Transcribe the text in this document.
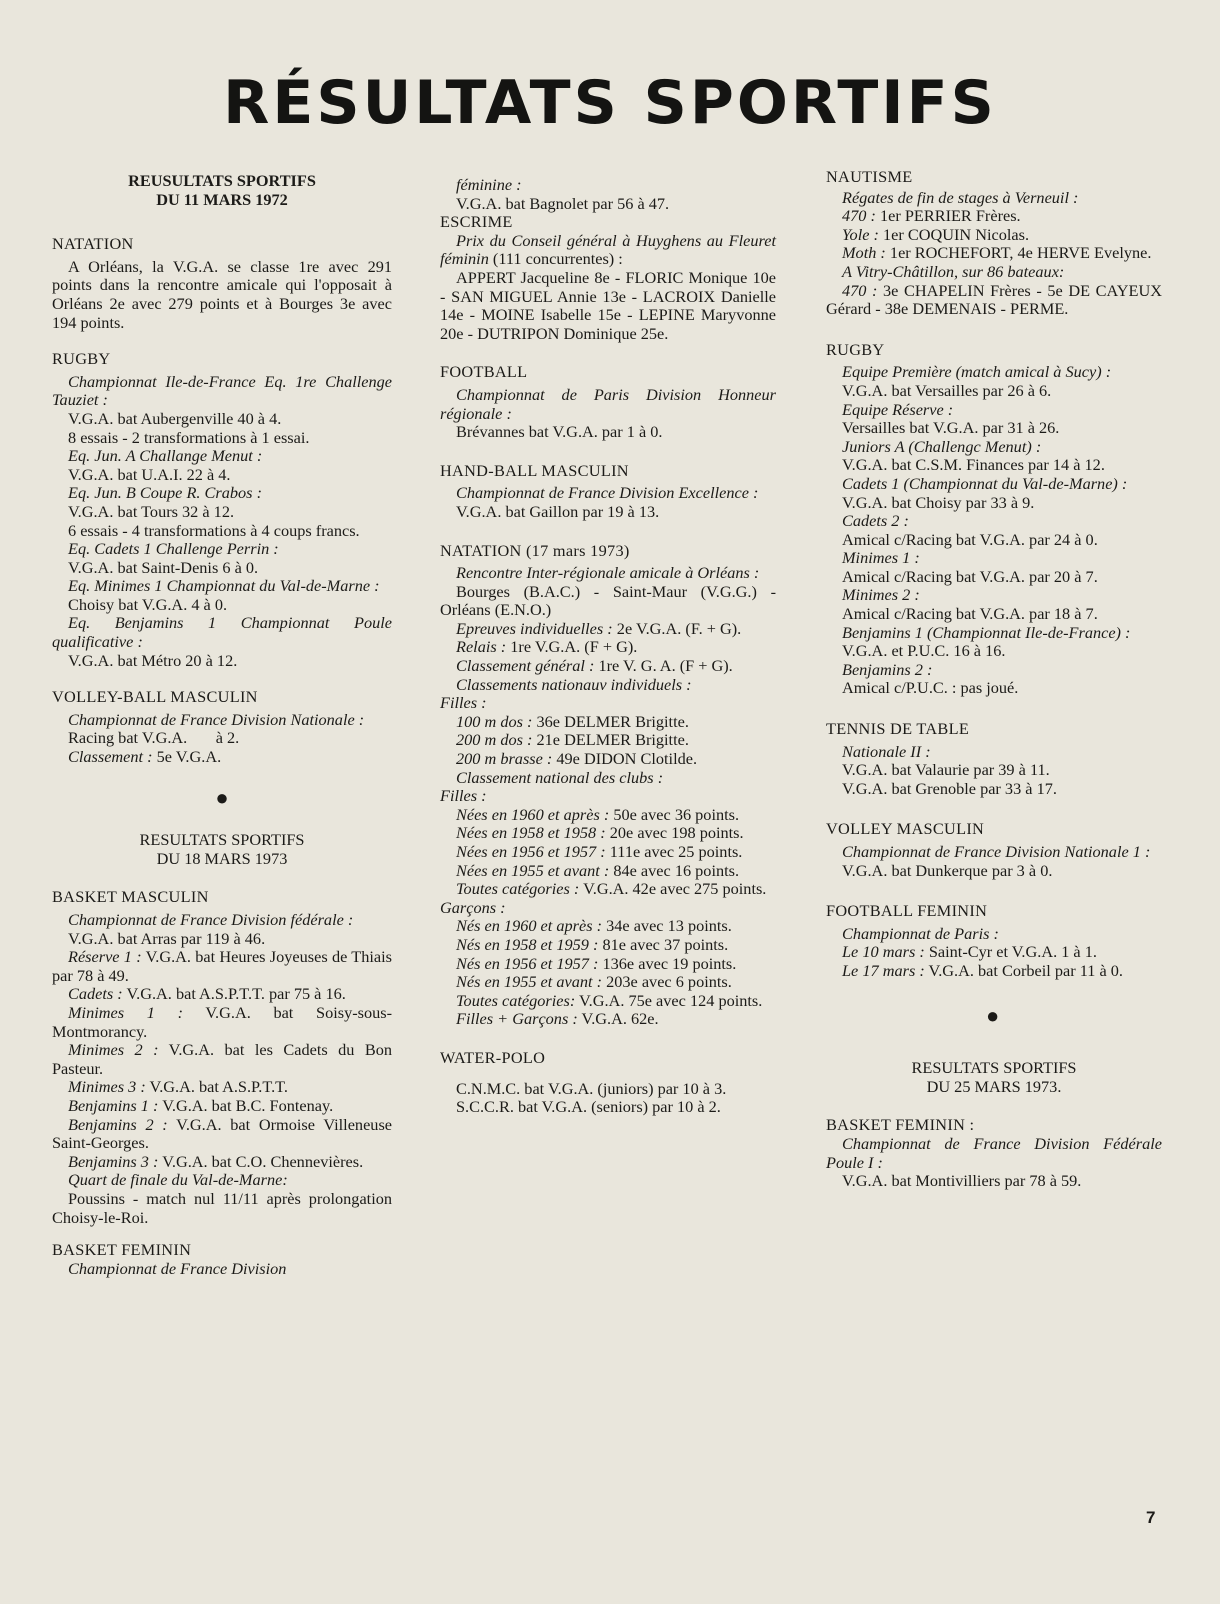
RÉSULTATS SPORTIFS
REUSULTATS SPORTIFS
DU 11 MARS 1972
NATATION
A Orléans, la V.G.A. se classe 1re avec 291 points dans la rencontre amicale qui l'opposait à Orléans 2e avec 279 points et à Bourges 3e avec 194 points.
RUGBY
Championnat Ile-de-France Eq. 1re Challenge Tauziet :
V.G.A. bat Aubergenville 40 à 4.
8 essais - 2 transformations à 1 essai.
Eq. Jun. A Challange Menut :
V.G.A. bat U.A.I. 22 à 4.
Eq. Jun. B Coupe R. Crabos :
V.G.A. bat Tours 32 à 12.
6 essais - 4 transformations à 4 coups francs.
Eq. Cadets 1 Challenge Perrin :
V.G.A. bat Saint-Denis 6 à 0.
Eq. Minimes 1 Championnat du Val-de-Marne :
Choisy bat V.G.A. 4 à 0.
Eq. Benjamins 1 Championnat Poule qualificative :
V.G.A. bat Métro 20 à 12.
VOLLEY-BALL MASCULIN
Championnat de France Division Nationale :
Racing bat V.G.A.       à 2.
Classement : 5e V.G.A.
●
RESULTATS SPORTIFS
DU 18 MARS 1973
BASKET MASCULIN
Championnat de France Division fédérale :
V.G.A. bat Arras par 119 à 46.
Réserve 1 : V.G.A. bat Heures Joyeuses de Thiais par 78 à 49.
Cadets : V.G.A. bat A.S.P.T.T. par 75 à 16.
Minimes 1 : V.G.A. bat Soisy-sous-Montmorancy.
Minimes 2 : V.G.A. bat les Cadets du Bon Pasteur.
Minimes 3 : V.G.A. bat A.S.P.T.T.
Benjamins 1 : V.G.A. bat B.C. Fontenay.
Benjamins 2 : V.G.A. bat Ormoise Villeneuse Saint-Georges.
Benjamins 3 : V.G.A. bat C.O. Chennevières.
Quart de finale du Val-de-Marne:
Poussins - match nul 11/11 après prolongation Choisy-le-Roi.
BASKET FEMININ
Championnat de France Division
féminine :
V.G.A. bat Bagnolet par 56 à 47.
ESCRIME
Prix du Conseil général à Huyghens au Fleuret féminin (111 concurrentes) :
APPERT Jacqueline 8e - FLORIC Monique 10e - SAN MIGUEL Annie 13e - LACROIX Danielle 14e - MOINE Isabelle 15e - LEPINE Maryvonne 20e - DUTRIPON Dominique 25e.
FOOTBALL
Championnat de Paris Division Honneur régionale :
Brévannes bat V.G.A. par 1 à 0.
HAND-BALL MASCULIN
Championnat de France Division Excellence :
V.G.A. bat Gaillon par 19 à 13.
NATATION (17 mars 1973)
Rencontre Inter-régionale amicale à Orléans :
Bourges (B.A.C.) - Saint-Maur (V.G.G.) - Orléans (E.N.O.)
Epreuves individuelles : 2e V.G.A. (F. + G).
Relais : 1re V.G.A. (F + G).
Classement général : 1re V. G. A. (F + G).
Classements nationauv individuels :
Filles :
100 m dos : 36e DELMER Brigitte.
200 m dos : 21e DELMER Brigitte.
200 m brasse : 49e DIDON Clotilde.
Classement national des clubs :
Filles :
Nées en 1960 et après : 50e avec 36 points.
Nées en 1958 et 1958 : 20e avec 198 points.
Nées en 1956 et 1957 : 111e avec 25 points.
Nées en 1955 et avant : 84e avec 16 points.
Toutes catégories : V.G.A. 42e avec 275 points.
Garçons :
Nés en 1960 et après : 34e avec 13 points.
Nés en 1958 et 1959 : 81e avec 37 points.
Nés en 1956 et 1957 : 136e avec 19 points.
Nés en 1955 et avant : 203e avec 6 points.
Toutes catégories: V.G.A. 75e avec 124 points.
Filles + Garçons : V.G.A. 62e.
WATER-POLO
C.N.M.C. bat V.G.A. (juniors) par 10 à 3.
S.C.C.R. bat V.G.A. (seniors) par 10 à 2.
NAUTISME
Régates de fin de stages à Verneuil :
470 : 1er PERRIER Frères.
Yole : 1er COQUIN Nicolas.
Moth : 1er ROCHEFORT, 4e HERVE Evelyne.
A Vitry-Châtillon, sur 86 bateaux:
470 : 3e CHAPELIN Frères - 5e DE CAYEUX Gérard - 38e DEMENAIS - PERME.
RUGBY
Equipe Première (match amical à Sucy) :
V.G.A. bat Versailles par 26 à 6.
Equipe Réserve :
Versailles bat V.G.A. par 31 à 26.
Juniors A (Challengc Menut) :
V.G.A. bat C.S.M. Finances par 14 à 12.
Cadets 1 (Championnat du Val-de-Marne) :
V.G.A. bat Choisy par 33 à 9.
Cadets 2 :
Amical c/Racing bat V.G.A. par 24 à 0.
Minimes 1 :
Amical c/Racing bat V.G.A. par 20 à 7.
Minimes 2 :
Amical c/Racing bat V.G.A. par 18 à 7.
Benjamins 1 (Championnat Ile-de-France) :
V.G.A. et P.U.C. 16 à 16.
Benjamins 2 :
Amical c/P.U.C. : pas joué.
TENNIS DE TABLE
Nationale II :
V.G.A. bat Valaurie par 39 à 11.
V.G.A. bat Grenoble par 33 à 17.
VOLLEY MASCULIN
Championnat de France Division Nationale 1 :
V.G.A. bat Dunkerque par 3 à 0.
FOOTBALL FEMININ
Championnat de Paris :
Le 10 mars : Saint-Cyr et V.G.A. 1 à 1.
Le 17 mars : V.G.A. bat Corbeil par 11 à 0.
●
RESULTATS SPORTIFS
DU 25 MARS 1973.
BASKET FEMININ :
Championnat de France Division Fédérale Poule I :
V.G.A. bat Montivilliers par 78 à 59.
7
